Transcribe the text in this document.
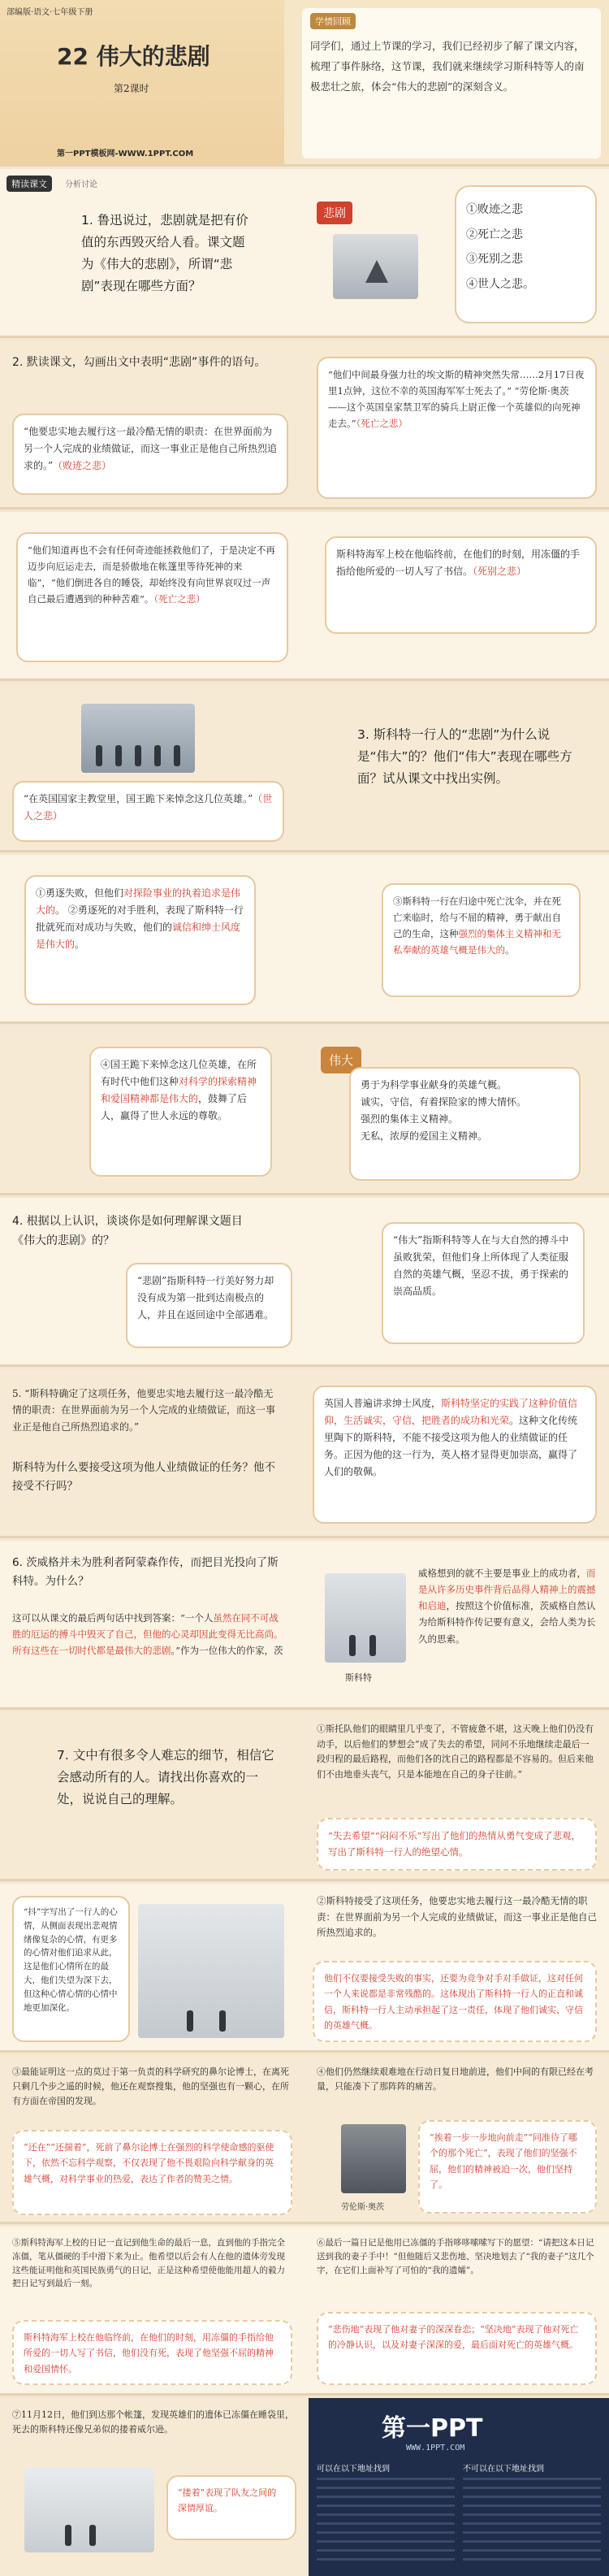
部编版·语文·七年级下册
22 伟大的悲剧
第2课时
第一PPT模板网-WWW.1PPT.COM
学情回顾
同学们，通过上节课的学习，我们已经初步了解了课文内容，梳理了事件脉络，这节课，我们就来继续学习斯科特等人的南极悲壮之旅，体会“伟大的悲剧”的深刻含义。
精读课文	分析讨论
1. 鲁迅说过，悲剧就是把有价值的东西毁灭给人看。课文题为《伟大的悲剧》，所谓“悲剧”表现在哪些方面？
悲剧	①败迹之悲
②死亡之悲
③死别之悲
④世人之悲。
2. 默读课文，勾画出文中表明“悲剧”事件的语句。
“他要忠实地去履行这一最冷酷无情的职责：在世界面前为另一个人完成的业绩做证，而这一事业正是他自己所热烈追求的。”（败迹之悲）
“他们中间最身强力壮的埃文斯的精神突然失常……2月17日夜里1点钟，这位不幸的英国海军军士死去了。” “劳伦斯·奥茨——这个英国皇家禁卫军的骑兵上尉正像一个英雄似的向死神走去。”（死亡之悲）
“他们知道再也不会有任何奇迹能拯救他们了，于是决定不再迈步向厄运走去，而是骄傲地在帐篷里等待死神的来临”，“他们倒进各自的睡袋，却始终没有向世界哀叹过一声自己最后遭遇到的种种苦难”。（死亡之悲）
斯科特海军上校在他临终前，在他们的时刻，用冻僵的手指给他所爱的一切人写了书信。（死别之悲）
“在英国国家主教堂里，国王跪下来悼念这几位英雄。”（世人之悲）
3. 斯科特一行人的“悲剧”为什么说是“伟大”的？他们“伟大”表现在哪些方面？试从课文中找出实例。
①勇逐失败，但他们对探险事业的执着追求是伟大的。 ②勇逐死的对手胜利，表现了斯科特一行批就死而对成功与失败，他们的诚信和绅士风度是伟大的。
③斯科特一行在归途中死亡沈伞，并在死亡来临时，给与不屈的精神，勇于献出自己的生命，这种强烈的集体主义精神和无私奉献的英雄气概是伟大的。
④国王跪下来悼念这几位英雄，在所有时代中他们这种对科学的探索精神和爱国精神都是伟大的，鼓舞了后人，赢得了世人永远的尊敬。
伟大
勇于为科学事业献身的英雄气概。
诚实，守信，有着探险家的博大情怀。
强烈的集体主义精神。
无私，浓厚的爱国主义精神。
4. 根据以上认识，谈谈你是如何理解课文题目《伟大的悲剧》的？
“悲剧”指斯科特一行美好努力却没有成为第一批到达南极点的人，并且在返回途中全部遇难。
“伟大”指斯科特等人在与大自然的搏斗中虽败犹荣，但他们身上所体现了人类征服自然的英雄气概，坚忍不拔，勇于探索的崇高品质。
5. “斯科特确定了这项任务，他要忠实地去履行这一最冷酷无情的职责：在世界面前为另一个人完成的业绩做证，而这一事业正是他自己所热烈追求的。”
斯科特为什么要接受这项为他人业绩做证的任务？他不接受不行吗？
英国人普遍讲求绅士风度，斯科特坚定的实践了这种价值信仰，生活诚实，守信，把胜者的成功和光荣。这种文化传统里陶下的斯科特，不能不接受这项为他人的业绩做证的任务。正因为他的这一行为，英人格才显得更加崇高，赢得了人们的敬佩。
6. 茨威格并未为胜利者阿蒙森作传，而把目光投向了斯科特。为什么？
这可以从课文的最后两句话中找到答案：“一个人虽然在同不可战胜的厄运的搏斗中毁灭了自己，但他的心灵却因此变得无比高尚。所有这些在一切时代都是最伟大的悲剧。”作为一位伟大的作家，茨
斯科特
威格想到的就不主要是事业上的成功者，而是从许多历史事件背后品得人精神上的震撼和启迪，按照这个价值标准，茨威格自然认为给斯科特作传记要有意义，会给人类为长久的思索。
7. 文中有很多令人难忘的细节，相信它会感动所有的人。请找出你喜欢的一处，说说自己的理解。
①斯托队他们的眼睛里几乎变了，不管疲惫不堪，这天晚上他们仍没有动手，以后他们的梦想会“成了失去的希望，同问不乐地继续走最后一段归程的最后路程，而他们各的沈自己的路程都是不容易的。但后来他们不由地垂头丧气，只是本能地在自己的身子往前。”
“失去希望”“闷闷不乐”写出了他们的热情从勇气变成了悲观，写出了斯科特一行人的绝望心情。
“抖”字写出了一行人的心情，从侧面表现出悲观情绪像复杂的心情，有更多的心情对他们追求从此，这是他们心情所在的最大，他们失望为深下去，但这种心情心情的心情中地更加深化。
②斯科特接受了这项任务，他要忠实地去履行这一最冷酷无情的职责：在世界面前为另一个人完成的业绩做证，而这一事业正是他自己所热烈追求的。
他们不仅要接受失败的事实，还要为竞争对手对手做证，这对任何一个人来说都是非常残酷的。这体现出了斯科特一行人的正直和诚信，斯科特一行人主动承担起了这一责任，体现了他们诚实、守信的英雄气概。
③最能证明这一点的莫过于第一负责的科学研究的鼻尔论博士，在离死只剩几个步之遥的时候，他还在观察搜集，他的坚强也有一颗心，在所有方面在帝国的发现。
“还在”“还揣着”，死前了鼻尔论博士在强烈的科学使命感的驱使下，依然不忘科学观察，不仅表现了他不畏艰险向科学献身的英雄气概，对科学事业的热爱，表达了作者的赞美之情。
④他们仍然继续艰难地在行动日复日地前进，他们中间的有限已经在考量，只能凑下了那阵阵的痛苦。
劳伦斯·奥茨
“挨着一步一步地向前走”“同准待了哪个的那个死亡”，表现了他们的坚强不屈，他们的精神被迫一次，他们坚持了。
⑤斯科特海军上校的日记一直记到他生命的最后一息，直到他的手指完全冻僵，笔从僵硬的手中滑下来为止。他希望以后会有人在他的遗体旁发现这些能证明他和英国民族勇气的日记，正是这种希望使他能用超人的毅力把日记写到最后一刻。
斯科特海军上校在他临终前，在他们的时刻，用冻僵的手指给他所爱的一切人写了书信，他们没有死，表现了他坚强不屈的精神和爱国情怀。
⑥最后一篇日记是他用已冻僵的手指哆哆嗦嗦写下的愿望：“请把这本日记送到我的妻子手中！”但他随后又悲伤地、坚决地划去了“我的妻子”这几个字，在它们上面补写了可怕的“我的遗孀”。
“悲伤地”表现了他对妻子的深深眷恋；“坚决地”表现了他对死亡的冷静认识，以及对妻子深深的爱，最后面对死亡的英雄气概。
⑦11月12日，他们到达那个帐篷，发现英雄们的遗体已冻僵在睡袋里，死去的斯科特还像兄弟似的搂着威尔逊。
“搂着”表现了队友之间的深情厚谊。
第一PPT
WWW.1PPT.COM
可以在以下地址找到	不可以在以下地址找到
